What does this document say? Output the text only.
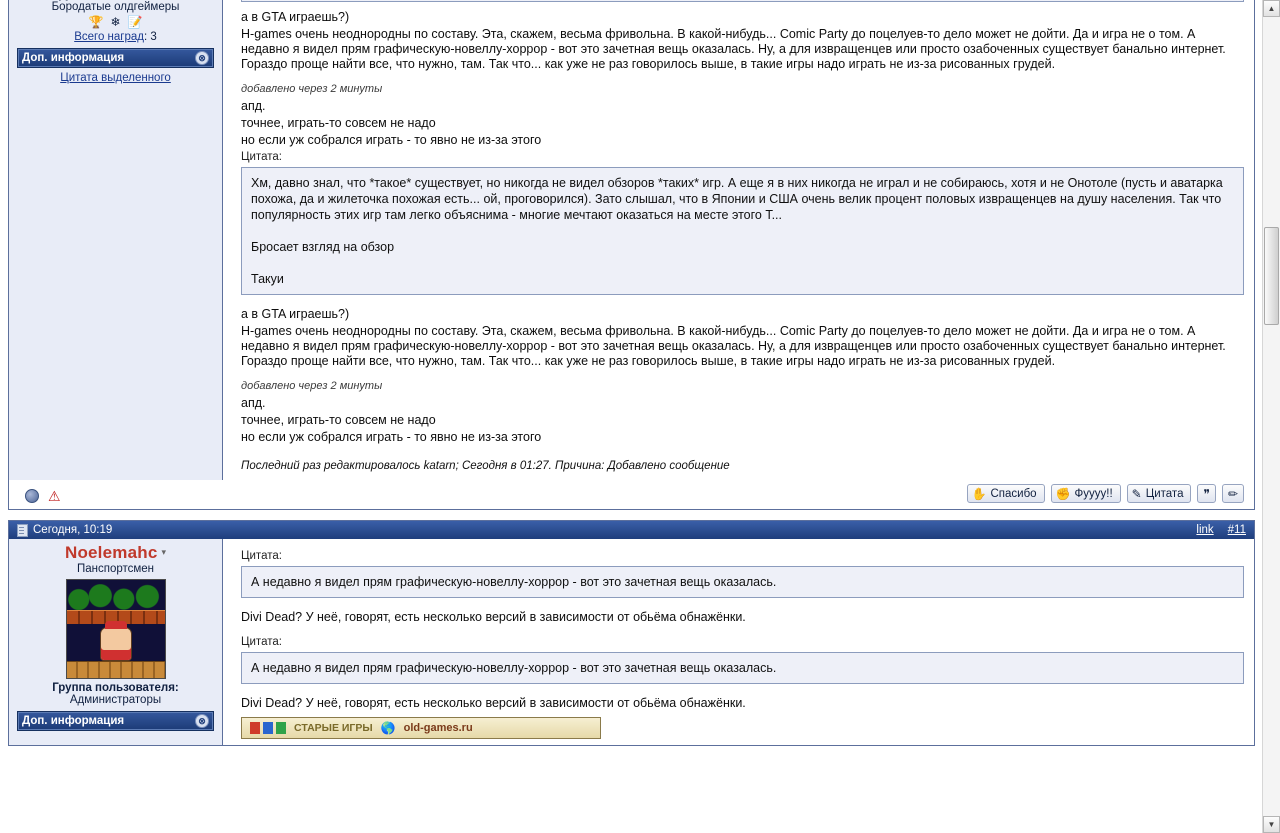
Бородатые олдгеймеры
🏆 ❄ 📝
Всего наград: 3
Доп. информация	⊗
Цитата выделенного
а в GTA играешь?)
H-games очень неоднородны по составу. Эта, скажем, весьма фривольна. В какой-нибудь... Comic Party до поцелуев-то дело может не дойти. Да и игра не о том. А недавно я видел прям графическую-новеллу-хоррор - вот это зачетная вещь оказалась. Ну, а для извращенцев или просто озабоченных существует банально интернет. Гораздо проще найти все, что нужно, там. Так что... как уже не раз говорилось выше, в такие игры надо играть не из-за рисованных грудей.
добавлено через 2 минуты
апд.
точнее, играть-то совсем не надо
но если уж собрался играть - то явно не из-за этого
Цитата:
Хм, давно знал, что *такое* существует, но никогда не видел обзоров *таких* игр. А еще я в них никогда не играл и не собираюсь, хотя и не Онотоле (пусть и аватарка похожа, да и жилеточка похожая есть... ой, проговорился). Зато слышал, что в Японии и США очень велик процент половых извращенцев на душу населения. Так что популярность этих игр там легко объяснима - многие мечтают оказаться на месте этого Т...
Бросает взгляд на обзор
Такуи
а в GTA играешь?)
H-games очень неоднородны по составу. Эта, скажем, весьма фривольна. В какой-нибудь... Comic Party до поцелуев-то дело может не дойти. Да и игра не о том. А недавно я видел прям графическую-новеллу-хоррор - вот это зачетная вещь оказалась. Ну, а для извращенцев или просто озабоченных существует банально интернет. Гораздо проще найти все, что нужно, там. Так что... как уже не раз говорилось выше, в такие игры надо играть не из-за рисованных грудей.
добавлено через 2 минуты
апд.
точнее, играть-то совсем не надо
но если уж собрался играть - то явно не из-за этого
Последний раз редактировалось katarn; Сегодня в 01:27. Причина: Добавлено сообщение
⚠	✋ Спасибо ✊ Фуууу!! ✎ Цитата ❞ ✏
Сегодня, 10:19	link #11
Noelemahc ▾
Панспортсмен
Группа пользователя:
Администраторы
Доп. информация	⊗
Цитата:
А недавно я видел прям графическую-новеллу-хоррор - вот это зачетная вещь оказалась.
Divi Dead? У неё, говорят, есть несколько версий в зависимости от обьёма обнажёнки.
Цитата:
А недавно я видел прям графическую-новеллу-хоррор - вот это зачетная вещь оказалась.
Divi Dead? У неё, говорят, есть несколько версий в зависимости от обьёма обнажёнки.
СТАРЫЕ ИГРЫ 🌎 old-games.ru
▲
▼
